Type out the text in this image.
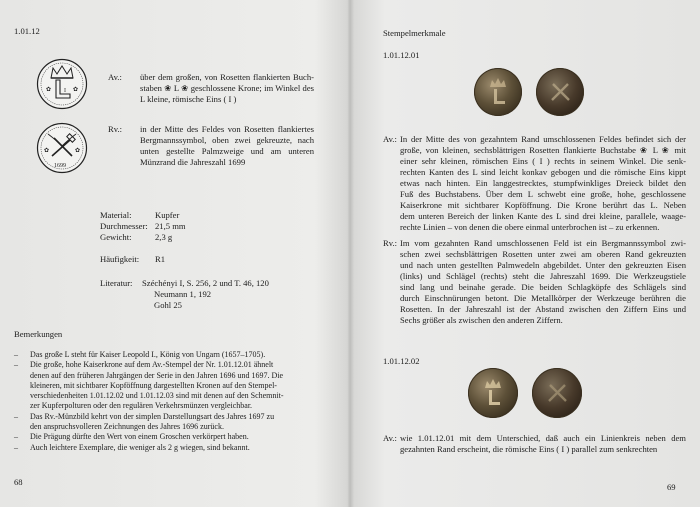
1.01.12
I
✿	✿
✿	✿
1699
Av.: über dem großen, von Rosetten flankierten Buch-
staben ❀ L ❀ geschlossene Krone; im Winkel des
L kleine, römische Eins ( I )
Rv.: in der Mitte des Feldes von Rosetten flankiertes
Bergmannssymbol, oben zwei gekreuzte, nach
unten gestellte Palmzweige und am unteren
Münzrand die Jahreszahl 1699
Material:	Kupfer
Durchmesser: 21,5 mm
Gewicht:	2,3 g
Häufigkeit: R1
Literatur: Széchényi I, S. 256, 2 und T. 46, 120
Neumann 1, 192
Gohl 25
Bemerkungen
– Das große L steht für Kaiser Leopold I., König von Ungarn (1657–1705).
– Die große, hohe Kaiserkrone auf dem Av.-Stempel der Nr. 1.01.12.01 ähnelt
denen auf den früheren Jahrgängen der Serie in den Jahren 1696 und 1697. Die
kleineren, mit sichtbarer Kopföffnung dargestellten Kronen auf den Stempel-
verschiedenheiten 1.01.12.02 und 1.01.12.03 sind mit denen auf den Schemnit-
zer Kupferpolturen oder den regulären Verkehrsmünzen vergleichbar.
– Das Rv.-Münzbild kehrt von der simplen Darstellungsart des Jahres 1697 zu
den anspruchsvolleren Zeichnungen des Jahres 1696 zurück.
– Die Prägung dürfte den Wert von einem Groschen verkörpert haben.
– Auch leichtere Exemplare, die weniger als 2 g wiegen, sind bekannt.
68
Stempelmerkmale
1.01.12.01
Av.: In der Mitte des von gezahntem Rand umschlossenen Feldes befindet sich der
große, von kleinen, sechsblättrigen Rosetten flankierte Buchstabe ❀ L ❀ mit
einer sehr kleinen, römischen Eins ( I ) rechts in seinem Winkel. Die senk-
rechten Kanten des L sind leicht konkav gebogen und die römische Eins kippt
etwas nach hinten. Ein langgestrecktes, stumpfwinkliges Dreieck bildet den
Fuß des Buchstabens. Über dem L schwebt eine große, hohe, geschlossene
Kaiserkrone mit sichtbarer Kopföffnung. Die Krone berührt das L. Neben
dem unteren Bereich der linken Kante des L sind drei kleine, parallele, waage-
rechte Linien – von denen die obere einmal unterbrochen ist – zu erkennen.
Rv.: Im vom gezahnten Rand umschlossenen Feld ist ein Bergmannssymbol zwi-
schen zwei sechsblättrigen Rosetten unter zwei am oberen Rand gekreuzten
und nach unten gestellten Palmwedeln abgebildet. Unter den gekreuzten Eisen
(links) und Schlägel (rechts) steht die Jahreszahl 1699. Die Werkzeugstiele
sind lang und beinahe gerade. Die beiden Schlagköpfe des Schlägels sind
durch Einschnürungen betont. Die Metallkörper der Werkzeuge berühren die
Rosetten. In der Jahreszahl ist der Abstand zwischen den Ziffern Eins und
Sechs größer als zwischen den anderen Ziffern.
1.01.12.02
Av.: wie 1.01.12.01 mit dem Unterschied, daß auch ein Linienkreis neben dem
gezahnten Rand erscheint, die römische Eins ( I ) parallel zum senkrechten
69
